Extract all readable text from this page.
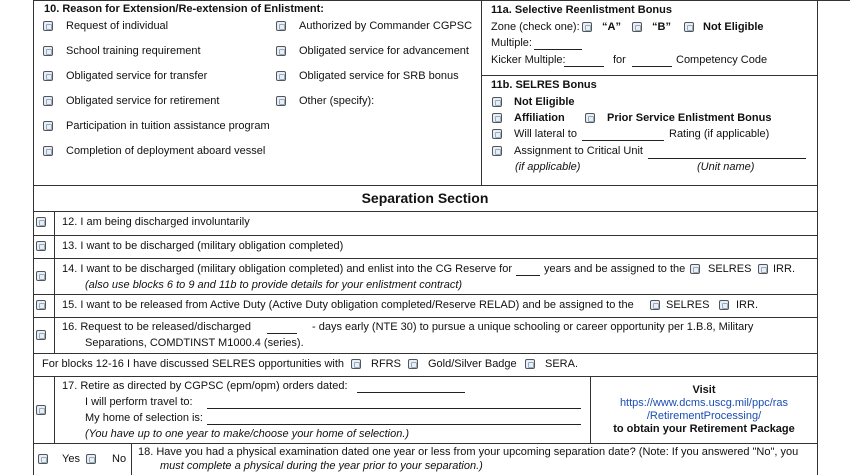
10. Reason for Extension/Re-extension of Enlistment:
Request of individual
School training requirement
Obligated service for transfer
Obligated service for retirement
Participation in tuition assistance program
Completion of deployment aboard vessel
Authorized by Commander CGPSC
Obligated service for advancement
Obligated service for SRB bonus
Other (specify):
11a. Selective Reenlistment Bonus
Zone (check one): “A”	“B”	Not Eligible
Multiple:
Kicker Multiple:	for	Competency Code
11b. SELRES Bonus
Not Eligible
Affiliation	Prior Service Enlistment Bonus
Will lateral to	Rating (if applicable)
Assignment to Critical Unit
(if applicable)	(Unit name)
Separation Section
12. I am being discharged involuntarily
13. I want to be discharged (military obligation completed)
14. I want to be discharged (military obligation completed) and enlist into the CG Reserve for	years and be assigned to the SELRES IRR.
(also use blocks 6 to 9 and 11b to provide details for your enlistment contract)
15. I want to be released from Active Duty (Active Duty obligation completed/Reserve RELAD) and be assigned to the	SELRES IRR.
16. Request to be released/discharged	- days early (NTE 30) to pursue a unique schooling or career opportunity per 1.B.8, Military
Separations, COMDTINST M1000.4 (series).
For blocks 12-16 I have discussed SELRES opportunities with RFRS Gold/Silver Badge	SERA.
17. Retire as directed by CGPSC (epm/opm) orders dated:
I will perform travel to:
My home of selection is:
(You have up to one year to make/choose your home of selection.)
Visit
https://www.dcms.uscg.mil/ppc/ras
/RetirementProcessing/
to obtain your Retirement Package
Yes	No
18. Have you had a physical examination dated one year or less from your upcoming separation date? (Note: If you answered "No", you
must complete a physical during the year prior to your separation.)
